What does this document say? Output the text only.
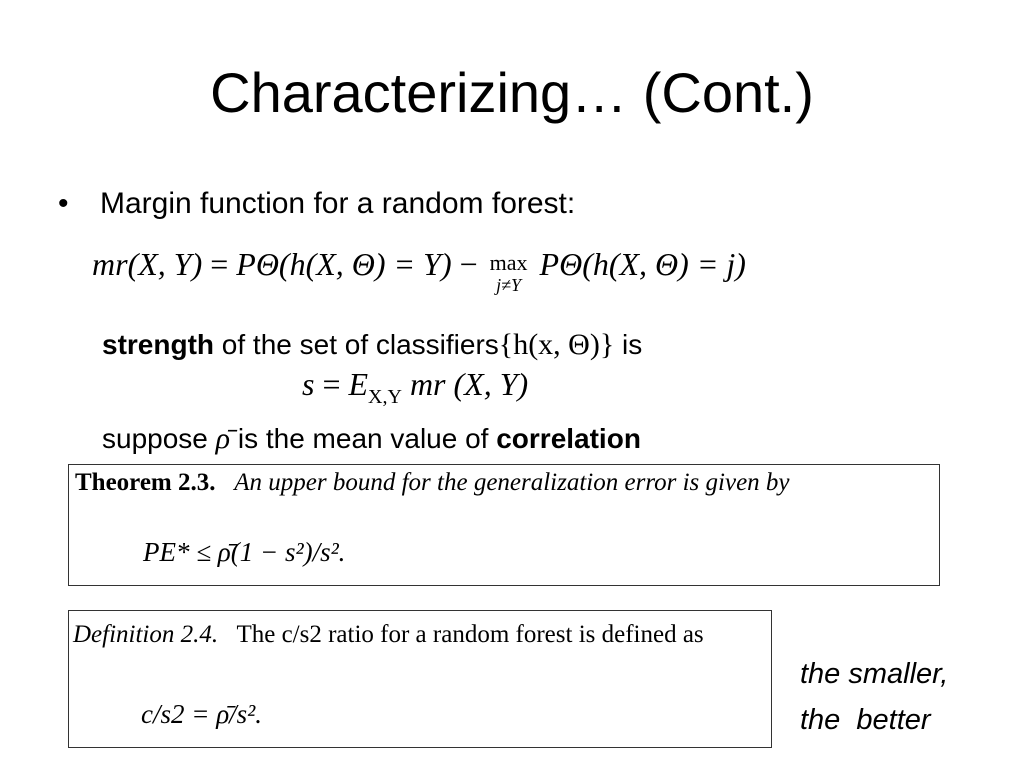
Characterizing… (Cont.)
• Margin function for a random forest:
mr(X, Y) = PΘ(h(X, Θ) = Y) − max
j≠Y
PΘ(h(X, Θ) = j)
strength of the set of classifiers{h(x, Θ)} is
$s = E_{X,Y}$ mr (X, Y)
suppose ρ̄ is the mean value of correlation
Theorem 2.3. An upper bound for the generalization error is given by
PE* ≤ ρ̄(1 − s²)/s².
Definition 2.4. The c/s2 ratio for a random forest is defined as
c/s2 = ρ̄/s².
the smaller,
the  better
